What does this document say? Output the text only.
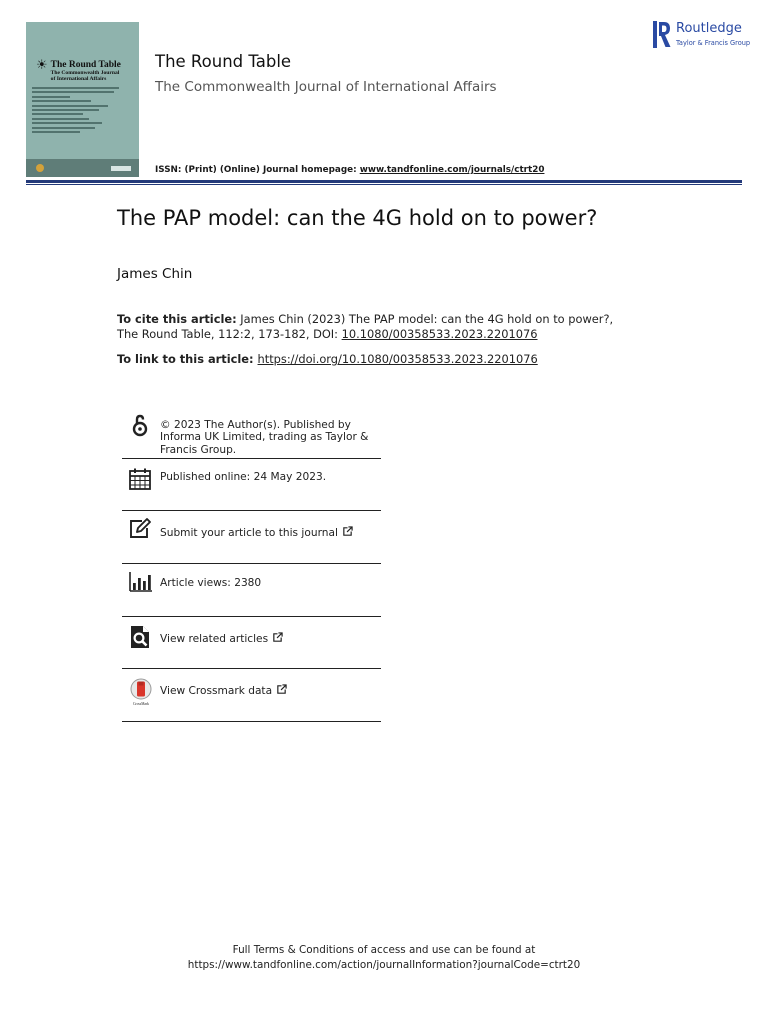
☀ The Round Table
The Commonwealth Journal
of International Affairs
The Round Table
The Commonwealth Journal of International Affairs
Routledge
Taylor & Francis Group
ISSN: (Print) (Online) Journal homepage: www.tandfonline.com/journals/ctrt20
The PAP model: can the 4G hold on to power?
James Chin
To cite this article: James Chin (2023) The PAP model: can the 4G hold on to power?, The Round Table, 112:2, 173-182, DOI: 10.1080/00358533.2023.2201076
To link to this article: https://doi.org/10.1080/00358533.2023.2201076
© 2023 The Author(s). Published by Informa UK Limited, trading as Taylor & Francis Group.
Published online: 24 May 2023.
Submit your article to this journal
Article views: 2380
View related articles
CrossMark
View Crossmark data
Full Terms & Conditions of access and use can be found at
https://www.tandfonline.com/action/journalInformation?journalCode=ctrt20
